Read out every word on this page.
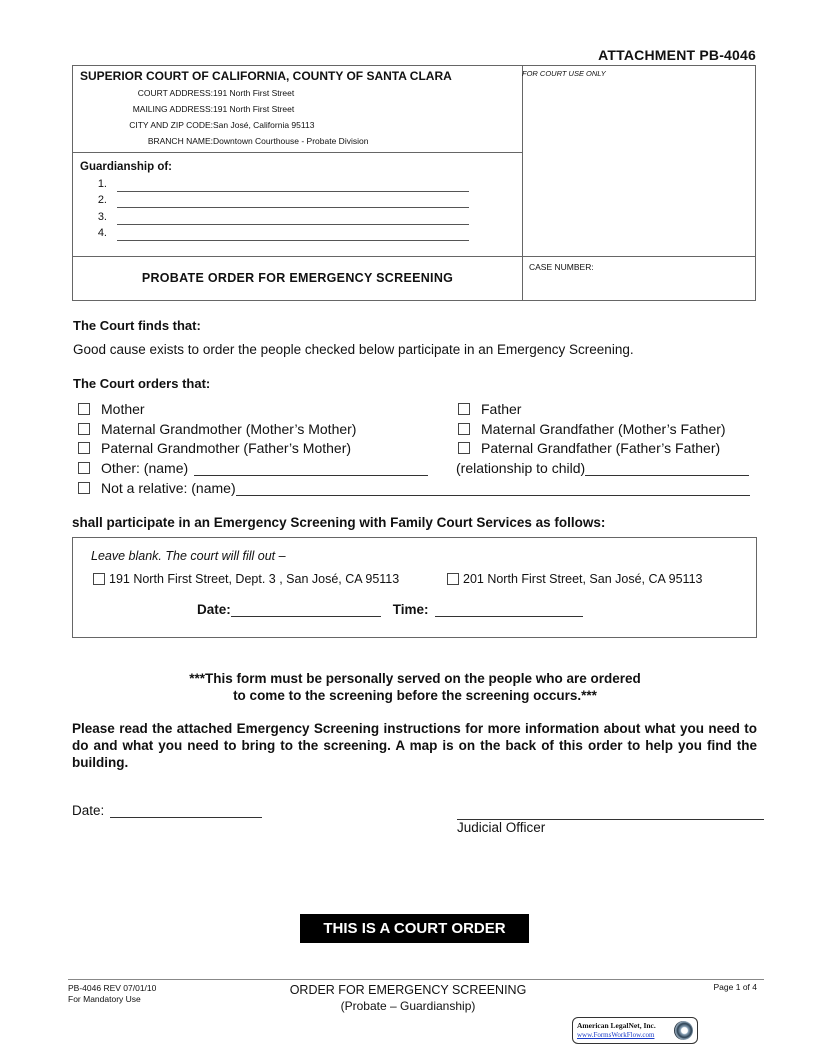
ATTACHMENT PB-4046
SUPERIOR COURT OF CALIFORNIA, COUNTY OF SANTA CLARA
COURT ADDRESS: 191 North First Street
MAILING ADDRESS: 191 North First Street
CITY AND ZIP CODE: San José, California 95113
BRANCH NAME: Downtown Courthouse - Probate Division
Guardianship of:
1.
2.
3.
4.
PROBATE ORDER FOR EMERGENCY SCREENING
CASE NUMBER:
FOR COURT USE ONLY
The Court finds that:
Good cause exists to order the people checked below participate in an Emergency Screening.
The Court orders that:
Mother
Maternal Grandmother (Mother’s Mother)
Paternal Grandmother (Father’s Mother)
Other: (name)
Not a relative: (name)
Father
Maternal Grandfather (Mother’s Father)
Paternal Grandfather (Father’s Father)
(relationship to child)
shall participate in an Emergency Screening with Family Court Services as follows:
Leave blank. The court will fill out –
191 North First Street, Dept. 3 , San José, CA 95113	201 North First Street, San José, CA 95113
Date:	Time:
***This form must be personally served on the people who are ordered
to come to the screening before the screening occurs.***
Please read the attached Emergency Screening instructions for more information about what you need to do and what you need to bring to the screening. A map is on the back of this order to help you find the building.
Date:
Judicial Officer
THIS IS A COURT ORDER
PB-4046 REV 07/01/10
For Mandatory Use
ORDER FOR EMERGENCY SCREENING
(Probate – Guardianship)
Page 1 of 4
American LegalNet, Inc.
www.FormsWorkFlow.com
